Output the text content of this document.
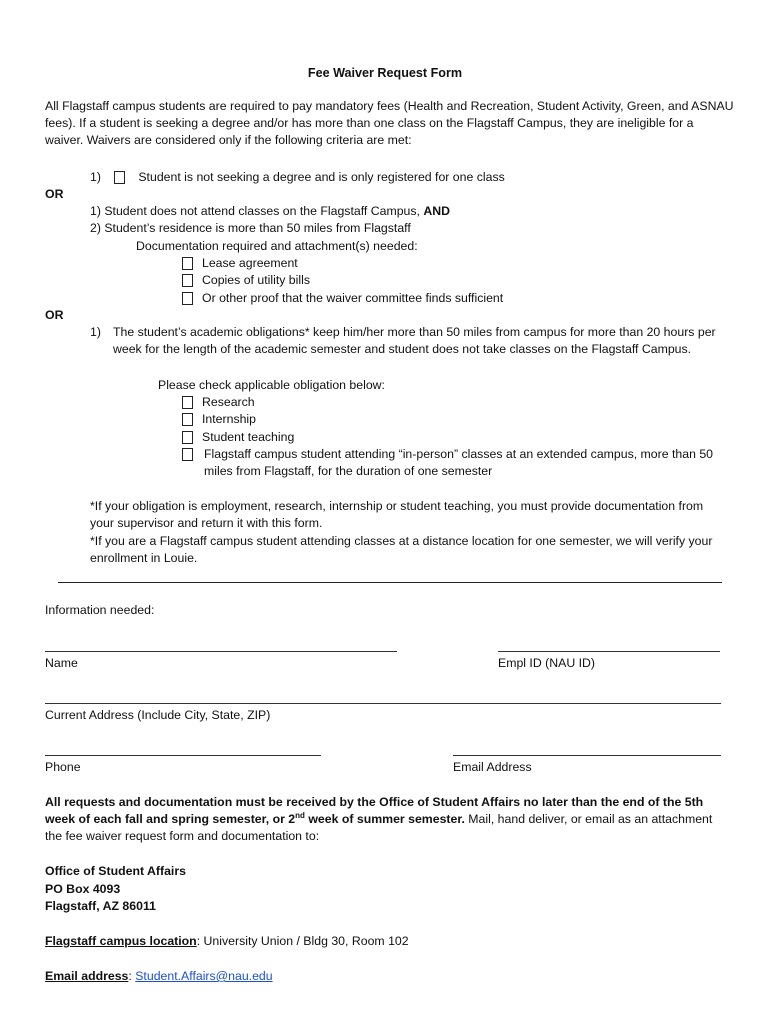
Fee Waiver Request Form
All Flagstaff campus students are required to pay mandatory fees (Health and Recreation, Student Activity, Green, and ASNAU fees). If a student is seeking a degree and/or has more than one class on the Flagstaff Campus, they are ineligible for a waiver. Waivers are considered only if the following criteria are met:
1)	Student is not seeking a degree and is only registered for one class
OR
1) Student does not attend classes on the Flagstaff Campus, AND
2) Student’s residence is more than 50 miles from Flagstaff
Documentation required and attachment(s) needed:
Lease agreement
Copies of utility bills
Or other proof that the waiver committee finds sufficient
OR
1) The student’s academic obligations* keep him/her more than 50 miles from campus for more than 20 hours per week for the length of the academic semester and student does not take classes on the Flagstaff Campus.
Please check applicable obligation below:
Research
Internship
Student teaching
Flagstaff campus student attending “in-person” classes at an extended campus, more than 50 miles from Flagstaff, for the duration of one semester
*If your obligation is employment, research, internship or student teaching, you must provide documentation from your supervisor and return it with this form.
*If you are a Flagstaff campus student attending classes at a distance location for one semester, we will verify your enrollment in Louie.
Information needed:
Name	Empl ID (NAU ID)
Current Address (Include City, State, ZIP)
Phone	Email Address
All requests and documentation must be received by the Office of Student Affairs no later than the end of the 5th week of each fall and spring semester, or 2nd week of summer semester. Mail, hand deliver, or email as an attachment the fee waiver request form and documentation to:
Office of Student Affairs
PO Box 4093
Flagstaff, AZ 86011
Flagstaff campus location: University Union / Bldg 30, Room 102
Email address: Student.Affairs@nau.edu
